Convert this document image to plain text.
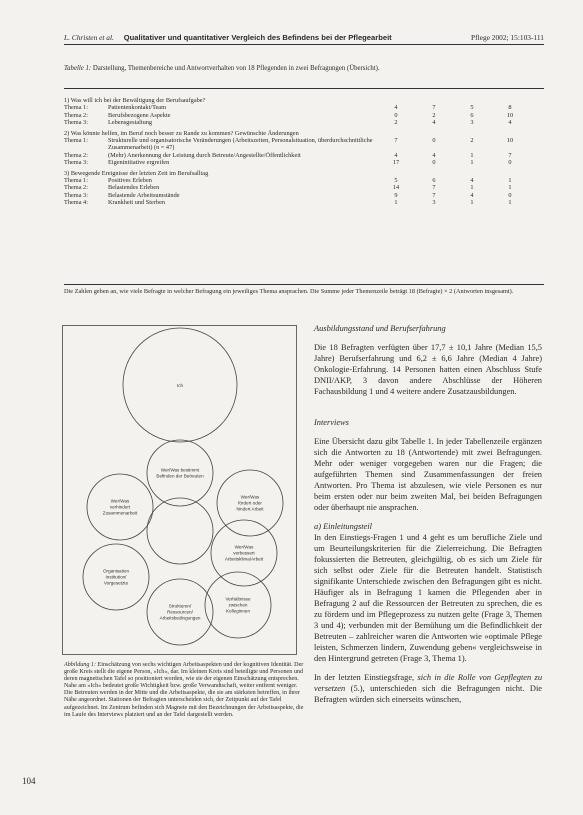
L. Christen et al. Qualitativer und quantitativer Vergleich des Befindens bei der Pflegearbeit	Pflege 2002; 15:103-111
Tabelle 1: Darstellung, Themenbereiche und Antwortverhalten von 18 Pflegenden in zwei Befragungen (Übersicht).
1) Was will ich bei der Bewältigung der Berufsaufgabe?					
Thema 1:	Patientenkontakt/Team	4	7	5	8
Thema 2:	Berufsbezogene Aspekte	0	2	6	10
Thema 3:	Lebensgestaltung	2	4	3	4
2) Was könnte helfen, im Beruf noch besser zu Rande zu kommen? Gewünschte Änderungen					
Thema 1:	Strukturelle und organisatorische Veränderungen (Arbeitszeiten, Personalsituation, überdurchschnittliche Zusammenarbeit) (n = 47)	7	0	2	10
Thema 2:	(Mehr) Anerkennung der Leistung durch Betreute/Angestellte/Öffentlichkeit	4	4	1	7
Thema 3:	Eigeninitiative ergreifen	17	0	1	0
3) Bewegende Ereignisse der letzten Zeit im Berufsalltag					
Thema 1:	Positives Erleben	5	6	4	1
Thema 2:	Belastendes Erleben	14	7	1	1
Thema 3:	Belastende Arbeitsumstände	9	7	4	0
Thema 4:	Krankheit und Sterben	1	3	1	1
Die Zahlen geben an, wie viele Befragte in welcher Befragung ein jeweiliges Thema ansprachen. Die Summe jeder Themenzeile beträgt 18 (Befragte) × 2 (Antworten insgesamt).
Ich
Wer/Was bestimmt
Befinden der Betreuten
Wer/Was
fördert oder
hindert Arbeit
Wer/Was
verhindert
Zusammenarbeit
Wer/Was
verbessert
Arbeitsklima/Arbeit
Organisation
Institution/
Vorgesetzte
Strukturen/
Ressourcen/
Arbeitsbedingungen
Verhältnisse
zwischen
Kolleginnen
Abbildung 1: Einschätzung von sechs wichtigen Arbeitsaspekten und der kognitiven Identität. Der große Kreis stellt die eigene Person, »Ich«, dar. Im kleinen Kreis sind beteiligte und Personen und deren magnetischen Tafel so positioniert worden, wie sie der eigenen Einschätzung entsprechen. Nahe am »Ich« bedeutet große Wichtigkeit bzw. große Verwandtschaft, weiter entfernt weniger. Die Betreuten werden in der Mitte und die Arbeitsaspekte, die sie am stärksten betreffen, in ihrer Nähe angeordnet. Stationen der Befragten unterscheiden sich, der Zeitpunkt auf der Tafel aufgezeichnet. Im Zentrum befinden sich Magnete mit den Bezeichnungen der Arbeitsaspekte, die im Laufe des Interviews platziert und an der Tafel dargestellt werden.
104
Ausbildungsstand und Berufserfahrung

Die 18 Befragten verfügten über 17,7 ± 10,1 Jahre (Median 15,5 Jahre) Berufserfahrung und 6,2 ± 6,6 Jahre (Median 4 Jahre) Onkologie-Erfahrung. 14 Personen hatten einen Abschluss Stufe DNII/AKP, 3 davon andere Abschlüsse der Höheren Fachausbildung 1 und 4 weitere andere Zusatzausbildungen.

Interviews

Eine Übersicht dazu gibt Tabelle 1. In jeder Tabellenzeile ergänzen sich die Antworten zu 18 (Antwortende) mit zwei Befragungen. Mehr oder weniger vorgegeben waren nur die Fragen; die aufgeführten Themen sind Zusammenfassungen der freien Antworten. Pro Thema ist abzulesen, wie viele Personen es nur beim ersten oder nur beim zweiten Mal, bei beiden Befragungen oder überhaupt nie ansprachen.

a) Einleitungsteil

In den Einstiegs-Fragen 1 und 4 geht es um berufliche Ziele und um Beurteilungskriterien für die Zielerreichung. Die Befragten fokussierten die Betreuten, gleichgültig, ob es sich um Ziele für sich selbst oder Ziele für die Betreuten handelt. Statistisch signifikante Unterschiede zwischen den Befragungen gibt es nicht. Häufiger als in Befragung 1 kamen die Pflegenden aber in Befragung 2 auf die Ressourcen der Betreuten zu sprechen, die es zu fördern und im Pflegeprozess zu nutzen gelte (Frage 3, Themen 3 und 4); verbunden mit der Bemühung um die Befindlichkeit der Betreuten – zahlreicher waren die Antworten wie »optimale Pflege leisten, Schmerzen lindern, Zuwendung geben« vergleichsweise in den Hintergrund getreten (Frage 3, Thema 1).

In der letzten Einstiegsfrage, sich in die Rolle von Gepflegten zu versetzen (5.), unterschieden sich die Befragungen nicht. Die Befragten würden sich einerseits wünschen,
